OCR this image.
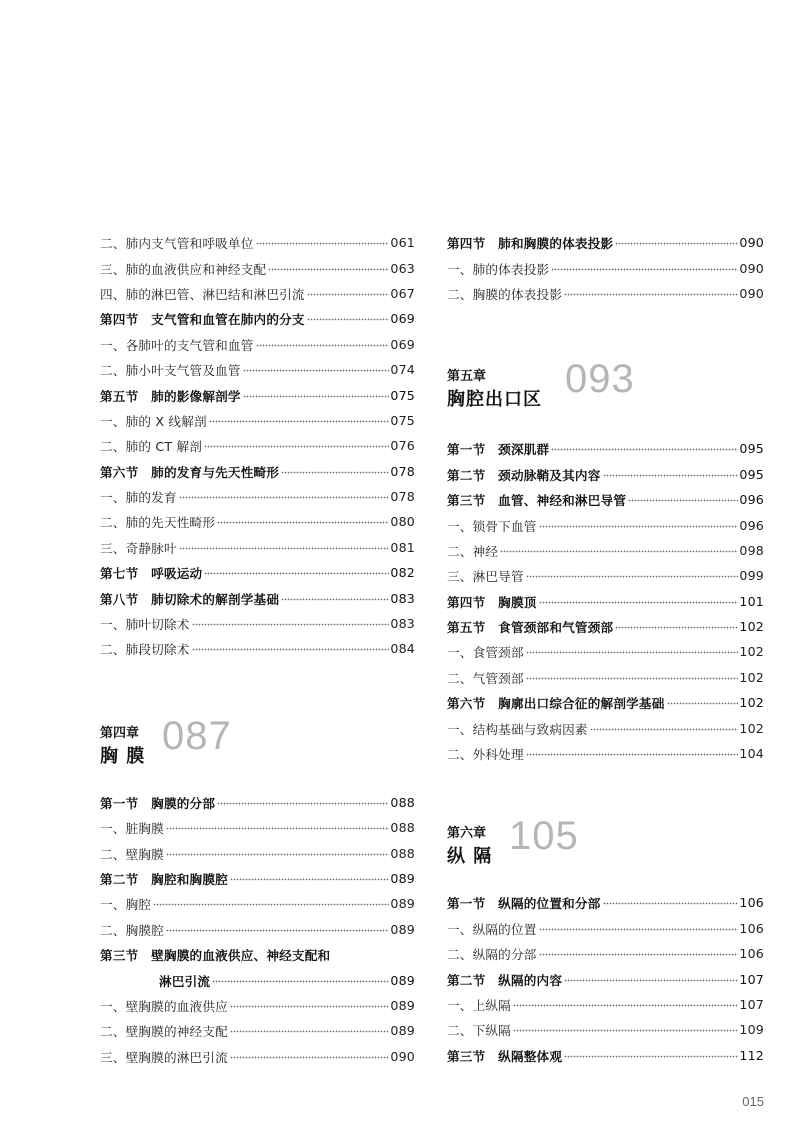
二、肺内支气管和呼吸单位	061
三、肺的血液供应和神经支配	063
四、肺的淋巴管、淋巴结和淋巴引流	067
第四节　支气管和血管在肺内的分支	069
一、各肺叶的支气管和血管	069
二、肺小叶支气管及血管	074
第五节　肺的影像解剖学	075
一、肺的 X 线解剖	075
二、肺的 CT 解剖	076
第六节　肺的发育与先天性畸形	078
一、肺的发育	078
二、肺的先天性畸形	080
三、奇静脉叶	081
第七节　呼吸运动	082
第八节　肺切除术的解剖学基础	083
一、肺叶切除术	083
二、肺段切除术	084
第四章
胸 膜 087
第一节　胸膜的分部	088
一、脏胸膜	088
二、壁胸膜	088
第二节　胸腔和胸膜腔	089
一、胸腔	089
二、胸膜腔	089
第三节　壁胸膜的血液供应、神经支配和
淋巴引流	089
一、壁胸膜的血液供应	089
二、壁胸膜的神经支配	089
三、壁胸膜的淋巴引流	090
第四节　肺和胸膜的体表投影	090
一、肺的体表投影	090
二、胸膜的体表投影	090
第五章
胸腔出口区 093
第一节　颈深肌群	095
第二节　颈动脉鞘及其内容	095
第三节　血管、神经和淋巴导管	096
一、锁骨下血管	096
二、神经	098
三、淋巴导管	099
第四节　胸膜顶	101
第五节　食管颈部和气管颈部	102
一、食管颈部	102
二、气管颈部	102
第六节　胸廓出口综合征的解剖学基础	102
一、结构基础与致病因素	102
二、外科处理	104
第六章
纵 隔 105
第一节　纵隔的位置和分部	106
一、纵隔的位置	106
二、纵隔的分部	106
第二节　纵隔的内容	107
一、上纵隔	107
二、下纵隔	109
第三节　纵隔整体观	112
015
